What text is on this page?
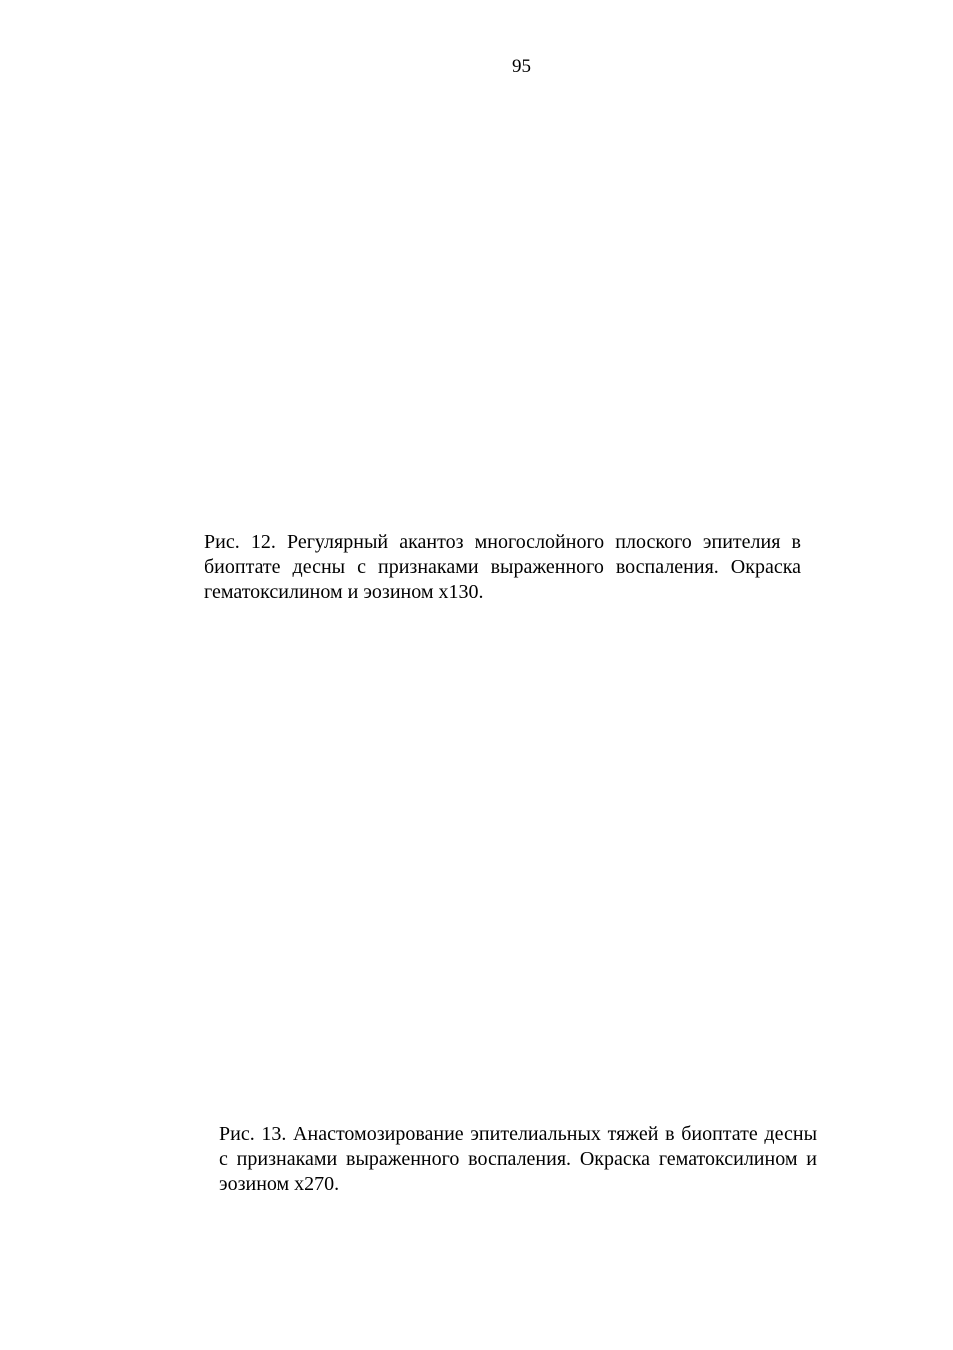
95

Рис. 12. Регулярный акантоз многослойного плоского эпителия в биоптате десны с признаками выраженного воспаления. Окраска гематоксилином и эозином х130.

Рис. 13. Анастомозирование эпителиальных тяжей в биоптате десны с признаками выраженного воспаления. Окраска гематоксилином и эозином х270.
